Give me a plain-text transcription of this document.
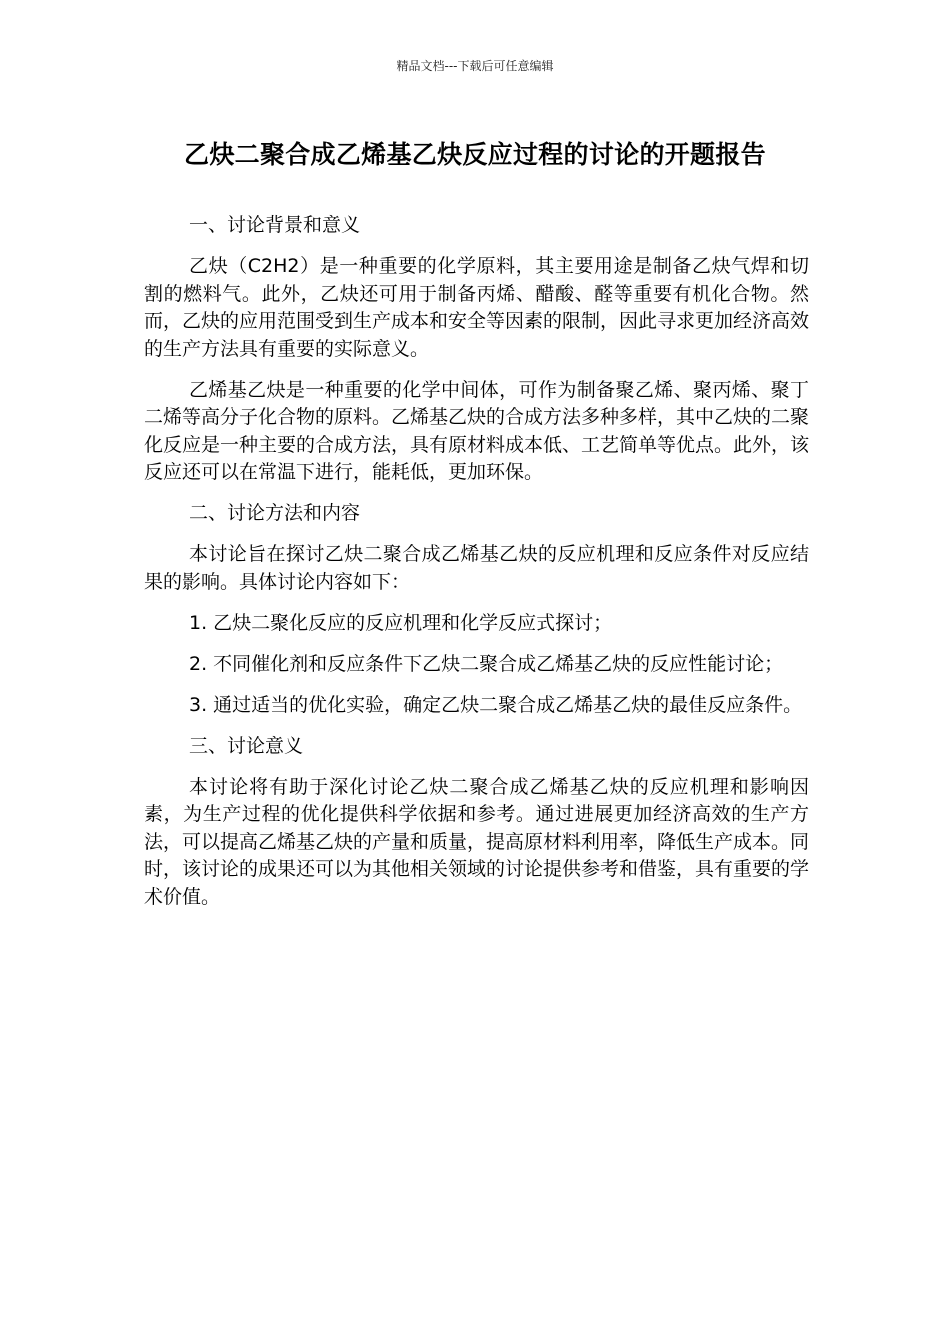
精品文档---下载后可任意编辑
乙炔二聚合成乙烯基乙炔反应过程的讨论的开题报告

一、讨论背景和意义

乙炔（C2H2）是一种重要的化学原料，其主要用途是制备乙炔气焊和切割的燃料气。此外，乙炔还可用于制备丙烯、醋酸、醛等重要有机化合物。然而，乙炔的应用范围受到生产成本和安全等因素的限制，因此寻求更加经济高效的生产方法具有重要的实际意义。

乙烯基乙炔是一种重要的化学中间体，可作为制备聚乙烯、聚丙烯、聚丁二烯等高分子化合物的原料。乙烯基乙炔的合成方法多种多样，其中乙炔的二聚化反应是一种主要的合成方法，具有原材料成本低、工艺简单等优点。此外，该反应还可以在常温下进行，能耗低，更加环保。

二、讨论方法和内容

本讨论旨在探讨乙炔二聚合成乙烯基乙炔的反应机理和反应条件对反应结果的影响。具体讨论内容如下：

1. 乙炔二聚化反应的反应机理和化学反应式探讨；

2. 不同催化剂和反应条件下乙炔二聚合成乙烯基乙炔的反应性能讨论；

3. 通过适当的优化实验，确定乙炔二聚合成乙烯基乙炔的最佳反应条件。

三、讨论意义

本讨论将有助于深化讨论乙炔二聚合成乙烯基乙炔的反应机理和影响因素，为生产过程的优化提供科学依据和参考。通过进展更加经济高效的生产方法，可以提高乙烯基乙炔的产量和质量，提高原材料利用率，降低生产成本。同时，该讨论的成果还可以为其他相关领域的讨论提供参考和借鉴，具有重要的学术价值。
